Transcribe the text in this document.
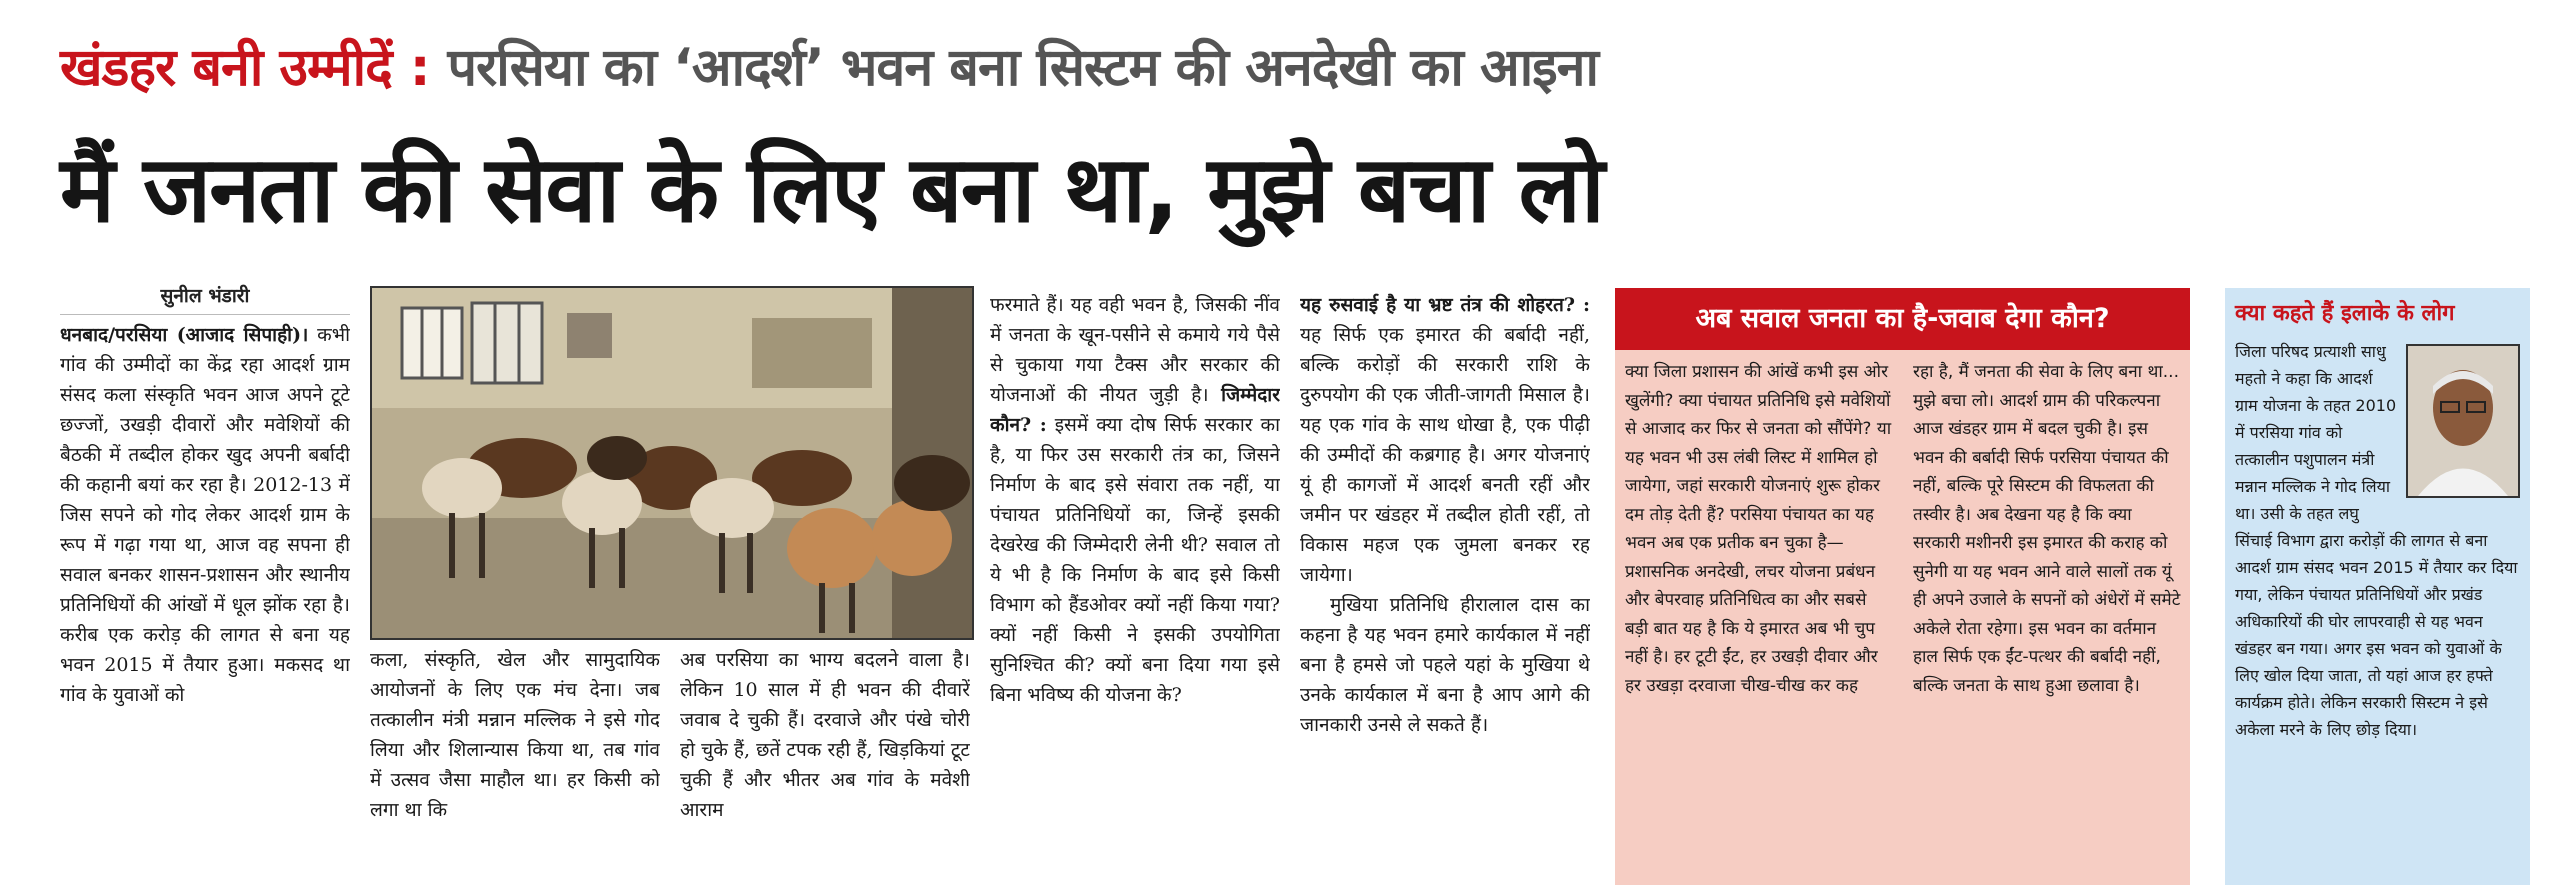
खंडहर बनी उम्मीदें : परसिया का ‘आदर्श’ भवन बना सिस्टम की अनदेखी का आइना
मैं जनता की सेवा के लिए बना था, मुझे बचा लो
सुनील भंडारी

धनबाद/परसिया (आजाद सिपाही)। कभी गांव की उम्मीदों का केंद्र रहा आदर्श ग्राम संसद कला संस्कृति भवन आज अपने टूटे छज्जों, उखड़ी दीवारों और मवेशियों की बैठकी में तब्दील होकर खुद अपनी बर्बादी की कहानी बयां कर रहा है। 2012-13 में जिस सपने को गोद लेकर आदर्श ग्राम के रूप में गढ़ा गया था, आज वह सपना ही सवाल बनकर शासन-प्रशासन और स्थानीय प्रतिनिधियों की आंखों में धूल झोंक रहा है। करीब एक करोड़ की लागत से बना यह भवन 2015 में तैयार हुआ। मकसद था गांव के युवाओं को

कला, संस्कृति, खेल और सामुदायिक आयोजनों के लिए एक मंच देना। जब तत्कालीन मंत्री मन्नान मल्लिक ने इसे गोद लिया और शिलान्यास किया था, तब गांव में उत्सव जैसा माहौल था। हर किसी को लगा था कि

अब परसिया का भाग्य बदलने वाला है। लेकिन 10 साल में ही भवन की दीवारें जवाब दे चुकी हैं। दरवाजे और पंखे चोरी हो चुके हैं, छतें टपक रही हैं, खिड़कियां टूट चुकी हैं और भीतर अब गांव के मवेशी आराम

फरमाते हैं। यह वही भवन है, जिसकी नींव में जनता के खून-पसीने से कमाये गये पैसे से चुकाया गया टैक्स और सरकार की योजनाओं की नीयत जुड़ी है। जिम्मेदार कौन? : इसमें क्या दोष सिर्फ सरकार का है, या फिर उस सरकारी तंत्र का, जिसने निर्माण के बाद इसे संवारा तक नहीं, या पंचायत प्रतिनिधियों का, जिन्हें इसकी देखरेख की जिम्मेदारी लेनी थी? सवाल तो ये भी है कि निर्माण के बाद इसे किसी विभाग को हैंडओवर क्यों नहीं किया गया? क्यों नहीं किसी ने इसकी उपयोगिता सुनिश्चित की? क्यों बना दिया गया इसे बिना भविष्य की योजना के?

यह रुसवाई है या भ्रष्ट तंत्र की शोहरत? : यह सिर्फ एक इमारत की बर्बादी नहीं, बल्कि करोड़ों की सरकारी राशि के दुरुपयोग की एक जीती-जागती मिसाल है। यह एक गांव के साथ धोखा है, एक पीढ़ी की उम्मीदों की कब्रगाह है। अगर योजनाएं यूं ही कागजों में आदर्श बनती रहीं और जमीन पर खंडहर में तब्दील होती रहीं, तो विकास महज एक जुमला बनकर रह जायेगा।

मुखिया प्रतिनिधि हीरालाल दास का कहना है यह भवन हमारे कार्यकाल में नहीं बना है हमसे जो पहले यहां के मुखिया थे उनके कार्यकाल में बना है आप आगे की जानकारी उनसे ले सकते हैं।

अब सवाल जनता का है-जवाब देगा कौन?
क्या जिला प्रशासन की आंखें कभी इस ओर खुलेंगी? क्या पंचायत प्रतिनिधि इसे मवेशियों से आजाद कर फिर से जनता को सौंपेंगे? या यह भवन भी उस लंबी लिस्ट में शामिल हो जायेगा, जहां सरकारी योजनाएं शुरू होकर दम तोड़ देती हैं? परसिया पंचायत का यह भवन अब एक प्रतीक बन चुका है—प्रशासनिक अनदेखी, लचर योजना प्रबंधन और बेपरवाह प्रतिनिधित्व का और सबसे बड़ी बात यह है कि ये इमारत अब भी चुप नहीं है। हर टूटी ईंट, हर उखड़ी दीवार और हर उखड़ा दरवाजा चीख-चीख कर कह
रहा है, मैं जनता की सेवा के लिए बना था... मुझे बचा लो। आदर्श ग्राम की परिकल्पना आज खंडहर ग्राम में बदल चुकी है। इस भवन की बर्बादी सिर्फ परसिया पंचायत की नहीं, बल्कि पूरे सिस्टम की विफलता की तस्वीर है। अब देखना यह है कि क्या सरकारी मशीनरी इस इमारत की कराह को सुनेगी या यह भवन आने वाले सालों तक यूं ही अपने उजाले के सपनों को अंधेरों में समेटे अकेले रोता रहेगा। इस भवन का वर्तमान हाल सिर्फ एक ईंट-पत्थर की बर्बादी नहीं, बल्कि जनता के साथ हुआ छलावा है।
क्या कहते हैं इलाके के लोग
जिला परिषद प्रत्याशी साधु महतो ने कहा कि आदर्श ग्राम योजना के तहत 2010 में परसिया गांव को तत्कालीन पशुपालन मंत्री मन्नान मल्लिक ने गोद लिया था। उसी के तहत लघु सिंचाई विभाग द्वारा करोड़ों की लागत से बना आदर्श ग्राम संसद भवन 2015 में तैयार कर दिया गया, लेकिन पंचायत प्रतिनिधियों और प्रखंड अधिकारियों की घोर लापरवाही से यह भवन खंडहर बन गया। अगर इस भवन को युवाओं के लिए खोल दिया जाता, तो यहां आज हर हफ्ते कार्यक्रम होते। लेकिन सरकारी सिस्टम ने इसे अकेला मरने के लिए छोड़ दिया।
